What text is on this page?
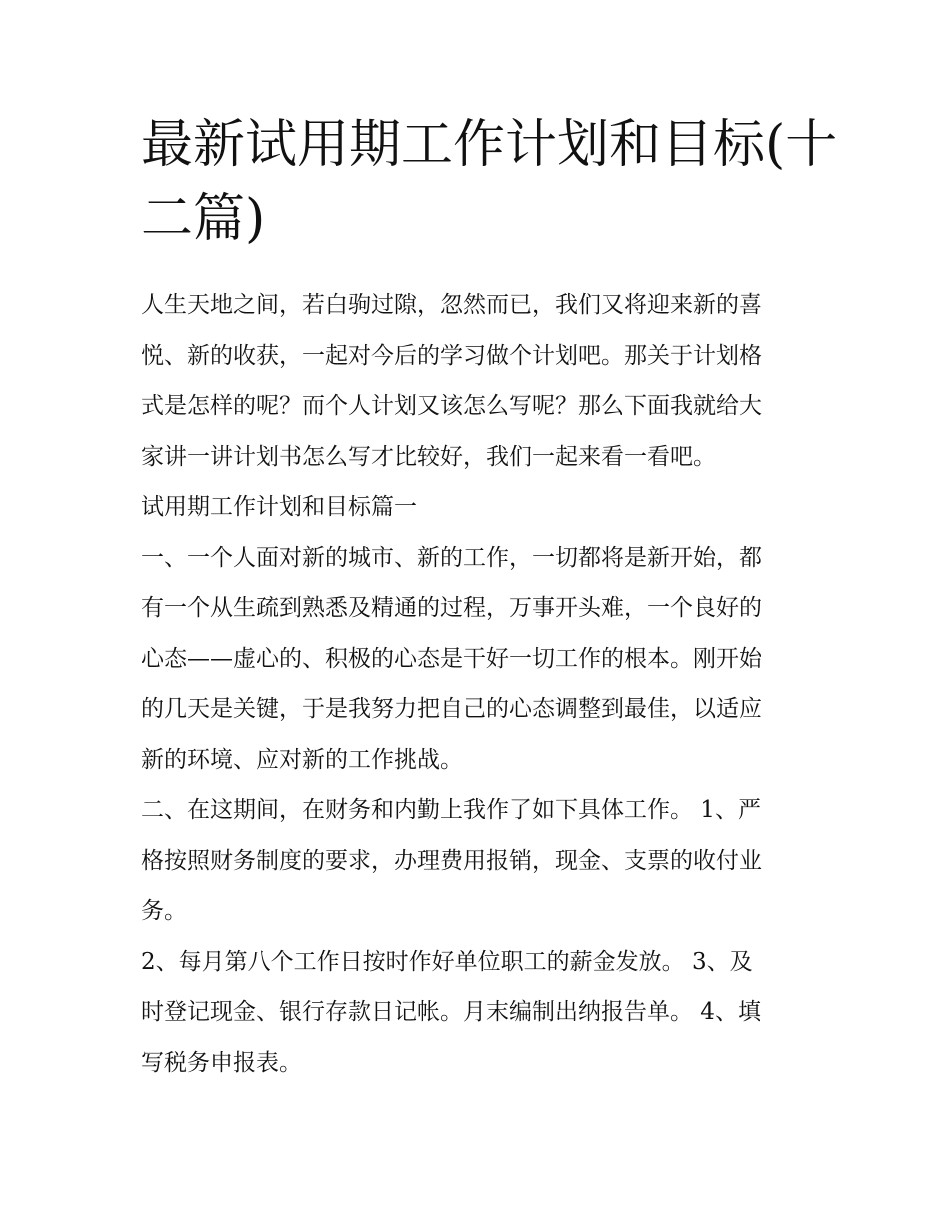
最新试用期工作计划和目标(十
二篇)

人生天地之间，若白驹过隙，忽然而已，我们又将迎来新的喜
悦、新的收获，一起对今后的学习做个计划吧。那关于计划格
式是怎样的呢？而个人计划又该怎么写呢？那么下面我就给大
家讲一讲计划书怎么写才比较好，我们一起来看一看吧。

试用期工作计划和目标篇一

一、一个人面对新的城市、新的工作，一切都将是新开始，都
有一个从生疏到熟悉及精通的过程，万事开头难，一个良好的
心态——虚心的、积极的心态是干好一切工作的根本。刚开始
的几天是关键，于是我努力把自己的心态调整到最佳，以适应
新的环境、应对新的工作挑战。

二、在这期间，在财务和内勤上我作了如下具体工作。 1、严
格按照财务制度的要求，办理费用报销，现金、支票的收付业
务。

2、每月第八个工作日按时作好单位职工的薪金发放。 3、及
时登记现金、银行存款日记帐。月末编制出纳报告单。 4、填
写税务申报表。
